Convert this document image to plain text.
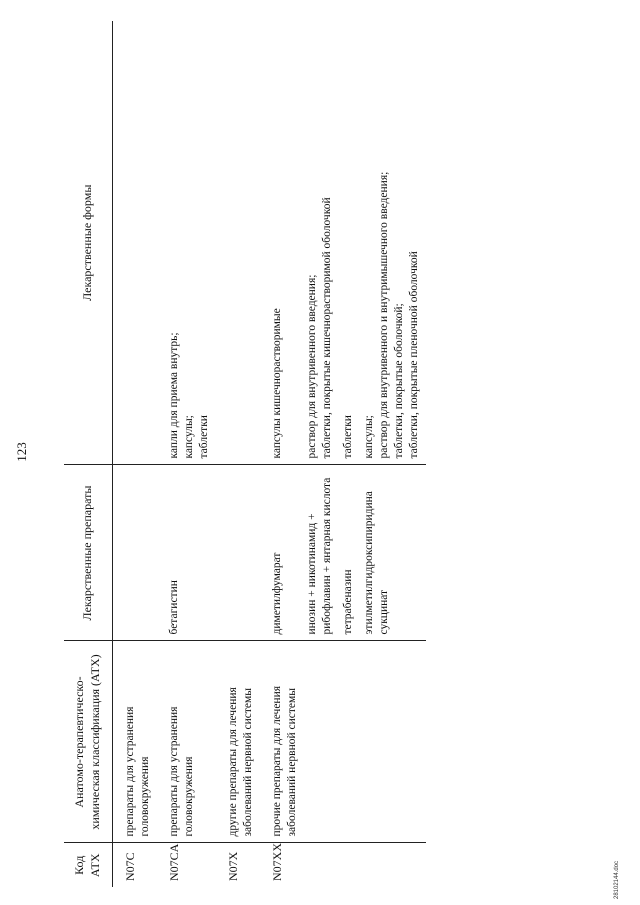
123
Код АТХ	Анатомо-терапевтическо-химическая классификация (АТХ)	Лекарственные препараты	Лекарственные формы
N07C	препараты для устранения головокружения		
N07CA	препараты для устранения головокружения	бетагистин	капли для приема внутрь; капсулы; таблетки

N07X	другие препараты для лечения заболеваний нервной системы		
N07XX	прочие препараты для лечения заболеваний нервной системы	диметилфумарат	капсулы кишечнорастворимые

		инозин + никотинамид + рибофлавин + янтарная кислота	раствор для внутривенного введения; таблетки, покрытые кишечнорастворимой оболочкой

		тетрабеназин	таблетки

		этилметилгидроксипиридина сукцинат	капсулы; раствор для внутривенного и внутримышечного введения; таблетки, покрытые оболочкой; таблетки, покрытые пленочной оболочкой
28102144.doc
